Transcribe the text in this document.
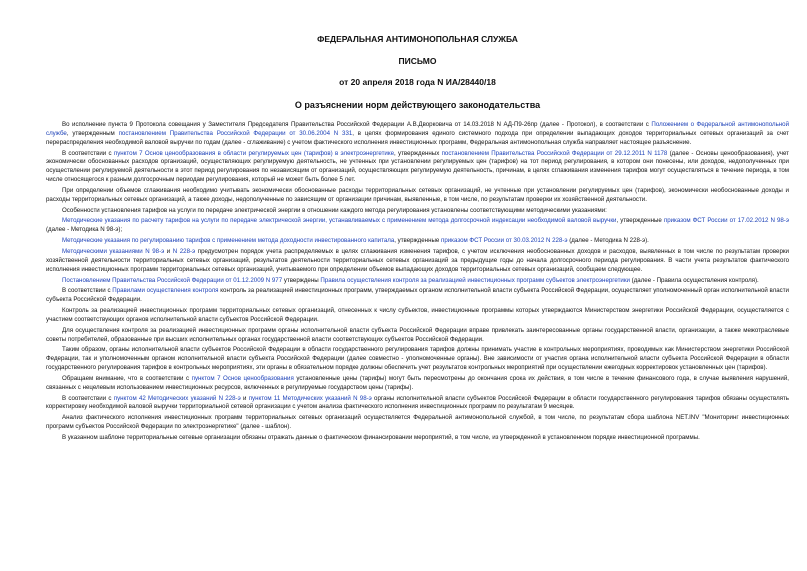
ФЕДЕРАЛЬНАЯ АНТИМОНОПОЛЬНАЯ СЛУЖБА
ПИСЬМО
от 20 апреля 2018 года N ИА/28440/18
О разъяснении норм действующего законодательства

Во исполнение пункта 9 Протокола совещания у Заместителя Председателя Правительства Российской Федерации А.В.Дворковича от 14.03.2018 N АД-П9-26пр (далее - Протокол), в соответствии с Положением о Федеральной антимонопольной службе, утвержденным постановлением Правительства Российской Федерации от 30.06.2004 N 331, в целях формирования единого системного подхода при определении выпадающих доходов территориальных сетевых организаций за счет перераспределения необходимой валовой выручки по годам (далее - сглаживание) с учетом фактического исполнения инвестиционных программ, Федеральная антимонопольная служба направляет настоящее разъяснение.

В соответствии с пунктом 7 Основ ценообразования в области регулируемых цен (тарифов) в электроэнергетике, утвержденных постановлением Правительства Российской Федерации от 29.12.2011 N 1178 (далее - Основы ценообразования), учет экономически обоснованных расходов организаций, осуществляющих регулируемую деятельность, не учтенных при установлении регулируемых цен (тарифов) на тот период регулирования, в котором они понесены, или доходов, недополученных при осуществлении регулируемой деятельности в этот период регулирования по независящим от организаций, осуществляющих регулируемую деятельность, причинам, в целях сглаживания изменения тарифов могут осуществляться в течение периода, в том числе относящегося к разным долгосрочным периодам регулирования, который не может быть более 5 лет.

При определении объемов сглаживания необходимо учитывать экономически обоснованные расходы территориальных сетевых организаций, не учтенные при установлении регулируемых цен (тарифов), экономически необоснованные доходы и расходы территориальных сетевых организаций, а также доходы, недополученные по зависящим от организации причинам, выявленные, в том числе, по результатам проверки их хозяйственной деятельности.

Особенности установления тарифов на услуги по передаче электрической энергии в отношении каждого метода регулирования установлены соответствующими методическими указаниями:

Методические указания по расчету тарифов на услуги по передаче электрической энергии, устанавливаемых с применением метода долгосрочной индексации необходимой валовой выручки, утвержденные приказом ФСТ России от 17.02.2012 N 98-э (далее - Методика N 98-э);

Методические указания по регулированию тарифов с применением метода доходности инвестированного капитала, утвержденные приказом ФСТ России от 30.03.2012 N 228-э (далее - Методика N 228-э).

Методическими указаниями N 98-э и N 228-э предусмотрен порядок учета распределяемых в целях сглаживания изменения тарифов, с учетом исключения необоснованных доходов и расходов, выявленных в том числе по результатам проверки хозяйственной деятельности территориальных сетевых организаций, результатов деятельности территориальных сетевых организаций за предыдущие годы до начала долгосрочного периода регулирования. В части учета результатов фактического исполнения инвестиционных программ территориальных сетевых организаций, учитываемого при определении объемов выпадающих доходов территориальных сетевых организаций, сообщаем следующее.

Постановлением Правительства Российской Федерации от 01.12.2009 N 977 утверждены Правила осуществления контроля за реализацией инвестиционных программ субъектов электроэнергетики (далее - Правила осуществления контроля).

В соответствии с Правилами осуществления контроля контроль за реализацией инвестиционных программ, утверждаемых органом исполнительной власти субъекта Российской Федерации, осуществляет уполномоченный орган исполнительной власти субъекта Российской Федерации.

Контроль за реализацией инвестиционных программ территориальных сетевых организаций, отнесенных к числу субъектов, инвестиционные программы которых утверждаются Министерством энергетики Российской Федерации, осуществляется с участием соответствующих органов исполнительной власти субъектов Российской Федерации.

Для осуществления контроля за реализацией инвестиционных программ органы исполнительной власти субъекта Российской Федерации вправе привлекать заинтересованные органы государственной власти, организации, а также межотраслевые советы потребителей, образованные при высших исполнительных органах государственной власти соответствующих субъектов Российской Федерации.

Таким образом, органы исполнительной власти субъектов Российской Федерации в области государственного регулирования тарифов должны принимать участие в контрольных мероприятиях, проводимых как Министерством энергетики Российской Федерации, так и уполномоченным органом исполнительной власти субъекта Российской Федерации (далее совместно - уполномоченные органы). Вне зависимости от участия органа исполнительной власти субъекта Российской Федерации в области государственного регулирования тарифов в контрольных мероприятиях, эти органы в обязательном порядке должны обеспечить учет результатов контрольных мероприятий при осуществлении ежегодных корректировок установленных цен (тарифов).

Обращаем внимание, что в соответствии с пунктом 7 Основ ценообразования установленные цены (тарифы) могут быть пересмотрены до окончания срока их действия, в том числе в течение финансового года, в случае выявления нарушений, связанных с нецелевым использованием инвестиционных ресурсов, включенных в регулируемые государством цены (тарифы).

В соответствии с пунктом 42 Методических указаний N 228-э и пунктом 11 Методических указаний N 98-э органы исполнительной власти субъектов Российской Федерации в области государственного регулирования тарифов обязаны осуществлять корректировку необходимой валовой выручки территориальной сетевой организации с учетом анализа фактического исполнения инвестиционных программ по результатам 9 месяцев.

Анализ фактического исполнения инвестиционных программ территориальных сетевых организаций осуществляется Федеральной антимонопольной службой, в том числе, по результатам сбора шаблона NET.INV "Мониторинг инвестиционных программ субъектов Российской Федерации по электроэнергетике" (далее - шаблон).

В указанном шаблоне территориальные сетевые организации обязаны отражать данные о фактическом финансировании мероприятий, в том числе, из утвержденной в установленном порядке инвестиционной программы.
